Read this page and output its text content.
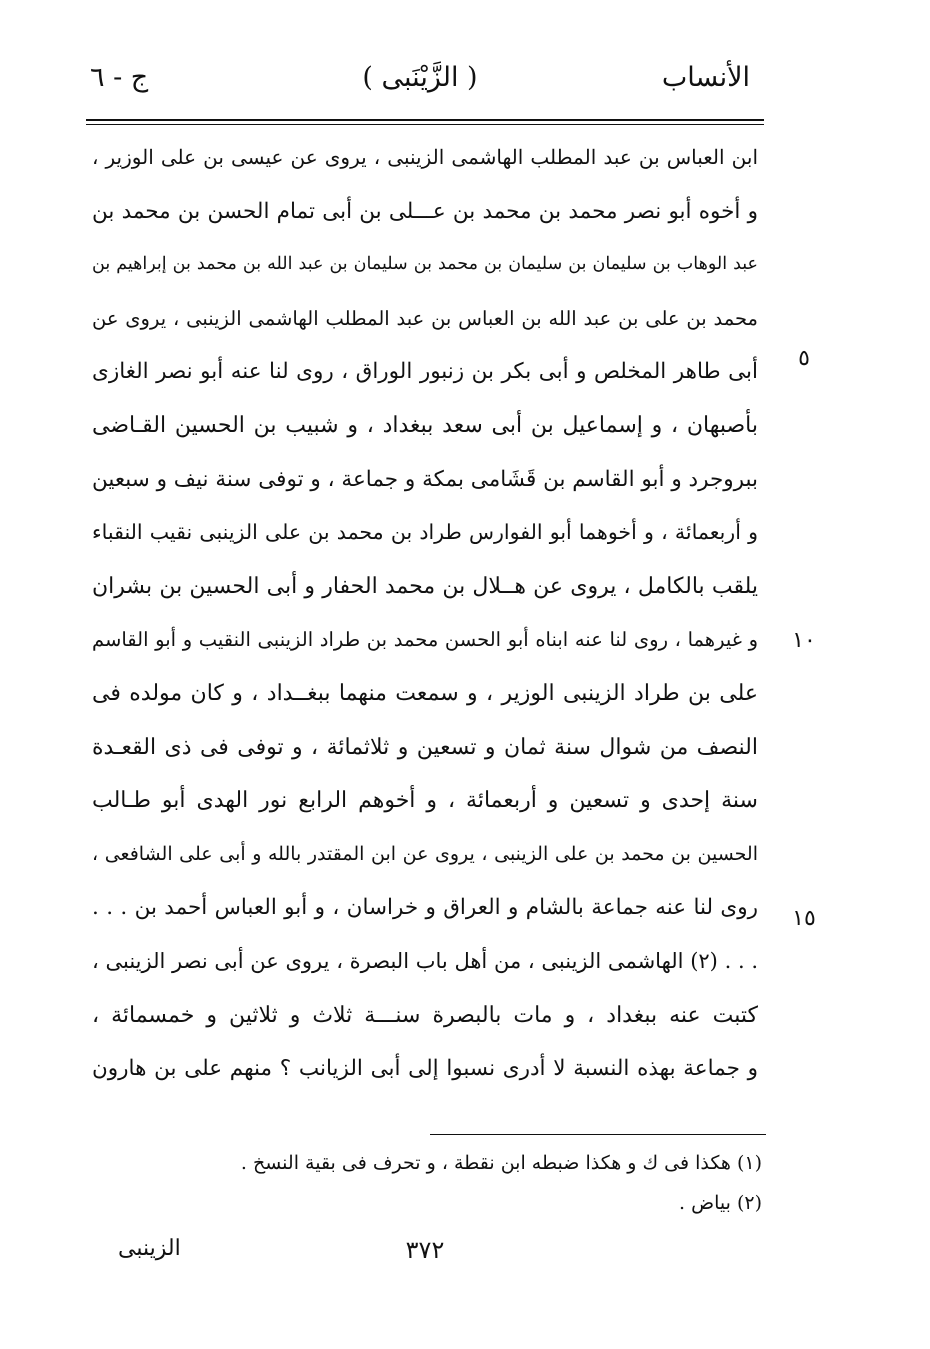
الأنساب
( الزَّيْنَبى )
ج - ٦
ابن العباس بن عبد المطلب الهاشمى الزينبى ، يروى عن عيسى بن على الوزير ،
و أخوه أبو نصر محمد بن محمد بن عـــلى بن أبى تمام الحسن بن محمد بن
عبد الوهاب بن سليمان بن سليمان بن محمد بن سليمان بن عبد الله بن محمد بن إبراهيم بن
محمد بن على بن عبد الله بن العباس بن عبد المطلب الهاشمى الزينبى ، يروى عن
أبى طاهر المخلص و أبى بكر بن زنبور الوراق ، روى لنا عنه أبو نصر الغازى
بأصبهان ، و إسماعيل بن أبى سعد ببغداد ، و شبيب بن الحسين القـاضى
ببروجرد و أبو القاسم بن قَشَامى بمكة و جماعة ، و توفى سنة نيف و سبعين
و أربعمائة ، و أخوهما أبو الفوارس طراد بن محمد بن على الزينبى نقيب النقباء
يلقب بالكامل ، يروى عن هــلال بن محمد الحفار و أبى الحسين بن بشران
و غيرهما ، روى لنا عنه ابناه أبو الحسن محمد بن طراد الزينبى النقيب و أبو القاسم
على بن طراد الزينبى الوزير ، و سمعت منهما ببغــداد ، و كان مولده فى
النصف من شوال سنة ثمان و تسعين و ثلاثمائة ، و توفى فى ذى القعـدة
سنة إحدى و تسعين و أربعمائة ، و أخوهم الرابع نور الهدى أبو طـالب
الحسين بن محمد بن على الزينبى ، يروى عن ابن المقتدر بالله و أبى على الشافعى ،
روى لنا عنه جماعة بالشام و العراق و خراسان ، و أبو العباس أحمد بن . . .
. . . (٢) الهاشمى الزينبى ، من أهل باب البصرة ، يروى عن أبى نصر الزينبى ،
كتبت عنه ببغداد ، و مات بالبصرة سنـــة ثلاث و ثلاثين و خمسمائة ،
و جماعة بهذه النسبة لا أدرى نسبوا إلى أبى الزيانب ؟ منهم على بن هارون
٥
١٠
١٥
(١) هكذا فى ك و هكذا ضبطه ابن نقطة ، و تحرف فى بقية النسخ .
(٢) بياض .
٣٧٢
الزينبى
